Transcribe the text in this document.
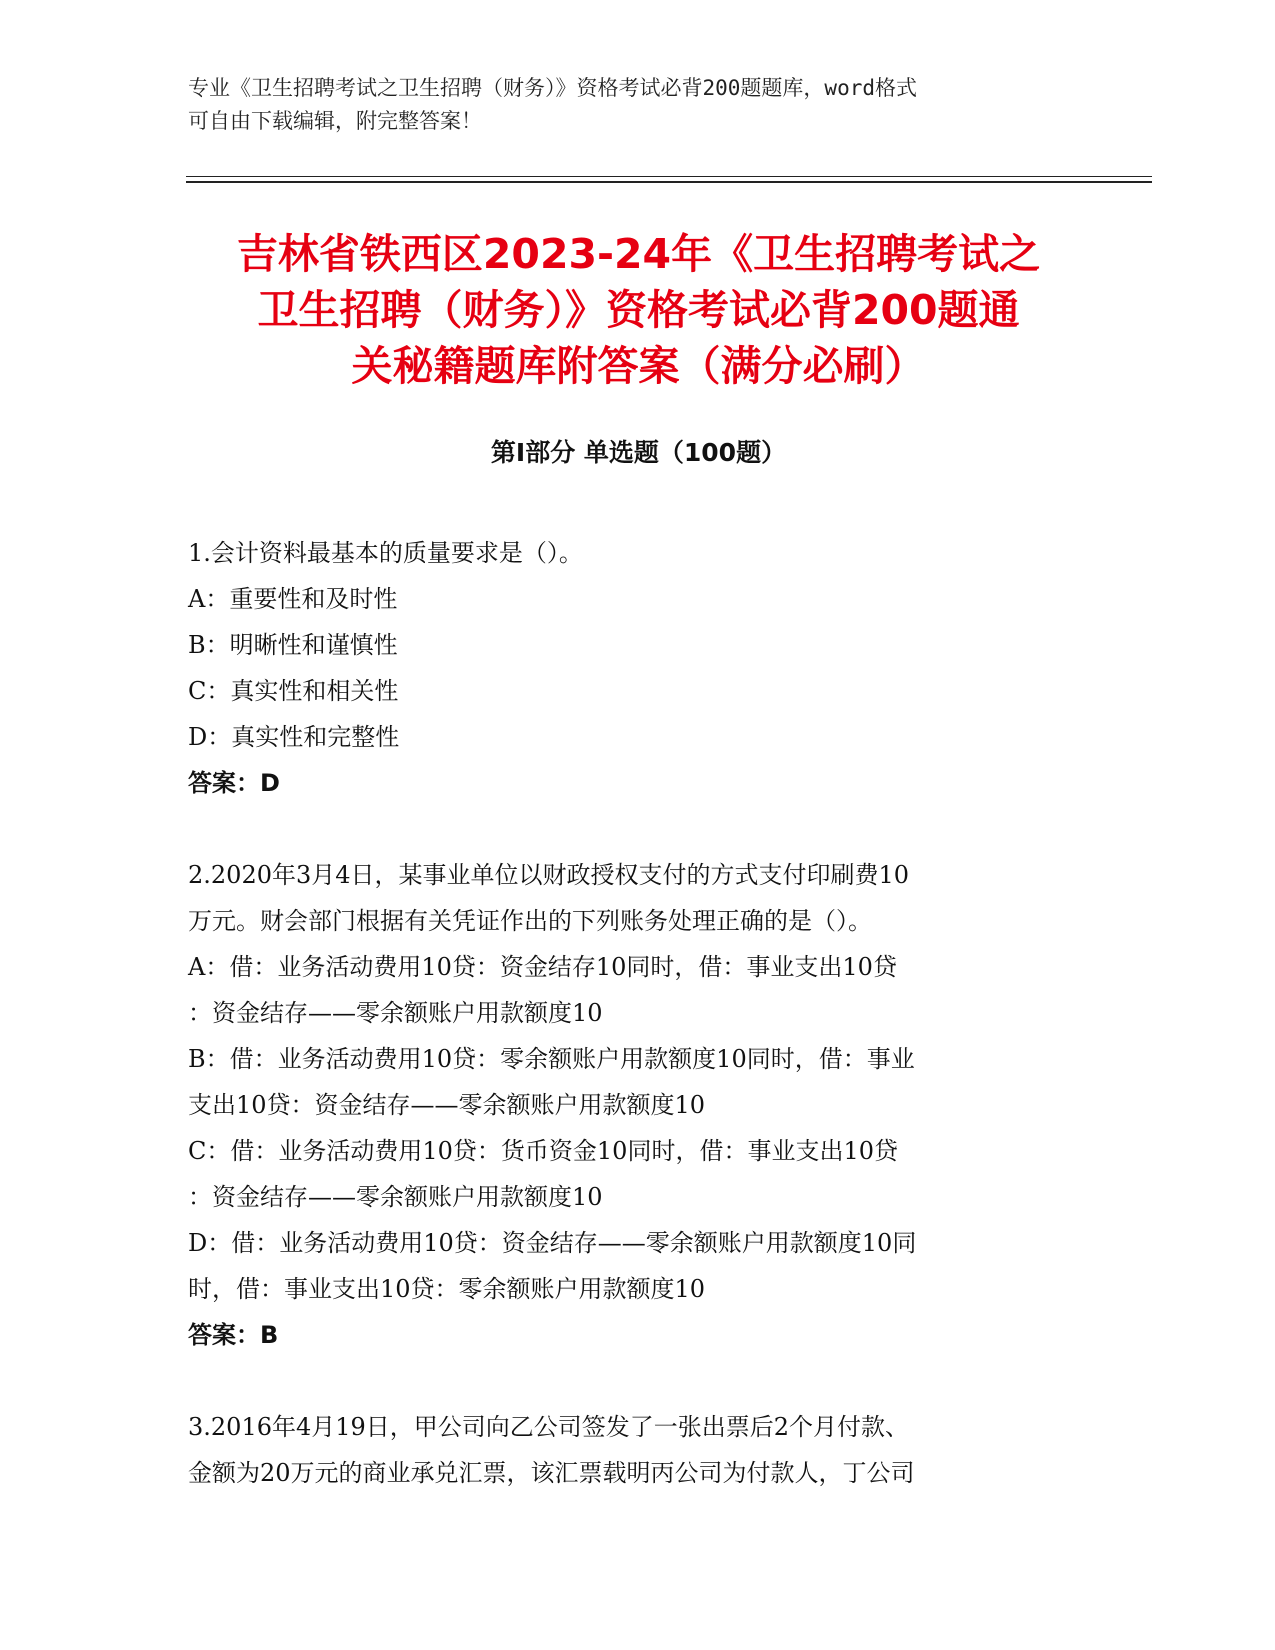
专业《卫生招聘考试之卫生招聘（财务）》资格考试必背200题题库，word格式
可自由下载编辑，附完整答案！
吉林省铁西区2023-24年《卫生招聘考试之
卫生招聘（财务）》资格考试必背200题通
关秘籍题库附答案（满分必刷）
第Ⅰ部分 单选题（100题）
1.会计资料最基本的质量要求是（）。
A：重要性和及时性
B：明晰性和谨慎性
C：真实性和相关性
D：真实性和完整性
答案：D
2.2020年3月4日，某事业单位以财政授权支付的方式支付印刷费10
万元。财会部门根据有关凭证作出的下列账务处理正确的是（）。
A：借：业务活动费用10贷：资金结存10同时，借：事业支出10贷
：资金结存——零余额账户用款额度10
B：借：业务活动费用10贷：零余额账户用款额度10同时，借：事业
支出10贷：资金结存——零余额账户用款额度10
C：借：业务活动费用10贷：货币资金10同时，借：事业支出10贷
：资金结存——零余额账户用款额度10
D：借：业务活动费用10贷：资金结存——零余额账户用款额度10同
时，借：事业支出10贷：零余额账户用款额度10
答案：B
3.2016年4月19日，甲公司向乙公司签发了一张出票后2个月付款、
金额为20万元的商业承兑汇票，该汇票载明丙公司为付款人，丁公司
